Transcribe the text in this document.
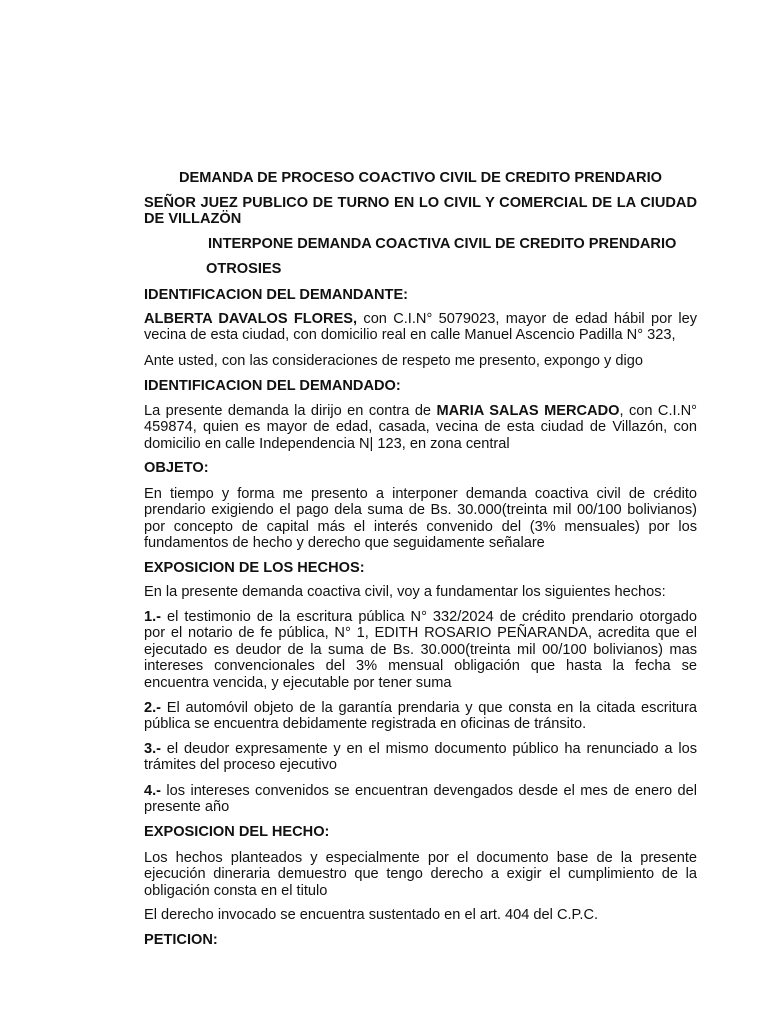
DEMANDA DE PROCESO COACTIVO CIVIL DE CREDITO PRENDARIO

SEÑOR JUEZ PUBLICO DE TURNO EN LO CIVIL Y COMERCIAL DE LA CIUDAD DE VILLAZÖN

INTERPONE DEMANDA COACTIVA CIVIL DE CREDITO PRENDARIO

OTROSIES

IDENTIFICACION DEL DEMANDANTE:

ALBERTA DAVALOS FLORES, con C.I.N° 5079023, mayor de edad hábil por ley vecina de esta ciudad, con domicilio real en calle Manuel Ascencio Padilla N° 323,

Ante usted, con las consideraciones de respeto me presento, expongo y digo

IDENTIFICACION DEL DEMANDADO:

La presente demanda la dirijo en contra de MARIA SALAS MERCADO, con C.I.N° 459874, quien es mayor de edad, casada, vecina de esta ciudad de Villazón, con domicilio en calle Independencia N| 123, en zona central

OBJETO:

En tiempo y forma me presento a interponer demanda coactiva civil de crédito prendario exigiendo el pago dela suma de Bs. 30.000(treinta mil 00/100 bolivianos) por concepto de capital más el interés convenido del (3% mensuales) por los fundamentos de hecho y derecho que seguidamente señalare

EXPOSICION DE LOS HECHOS:

En la presente demanda coactiva civil, voy a fundamentar los siguientes hechos:

1.- el testimonio de la escritura pública N° 332/2024 de crédito prendario otorgado por el notario de fe pública, N° 1, EDITH ROSARIO PEÑARANDA, acredita que el ejecutado es deudor de la suma de Bs. 30.000(treinta mil 00/100 bolivianos) mas intereses convencionales del 3% mensual obligación que hasta la fecha se encuentra vencida, y ejecutable por tener suma

2.- El automóvil objeto de la garantía prendaria y que consta en la citada escritura pública se encuentra debidamente registrada en oficinas de tránsito.

3.- el deudor expresamente y en el mismo documento público ha renunciado a los trámites del proceso ejecutivo

4.- los intereses convenidos se encuentran devengados desde el mes de enero del presente año

EXPOSICION DEL HECHO:

Los hechos planteados y especialmente por el documento base de la presente ejecución dineraria demuestro que tengo derecho a exigir el cumplimiento de la obligación consta en el titulo

El derecho invocado se encuentra sustentado en el art. 404 del C.P.C.

PETICION:
